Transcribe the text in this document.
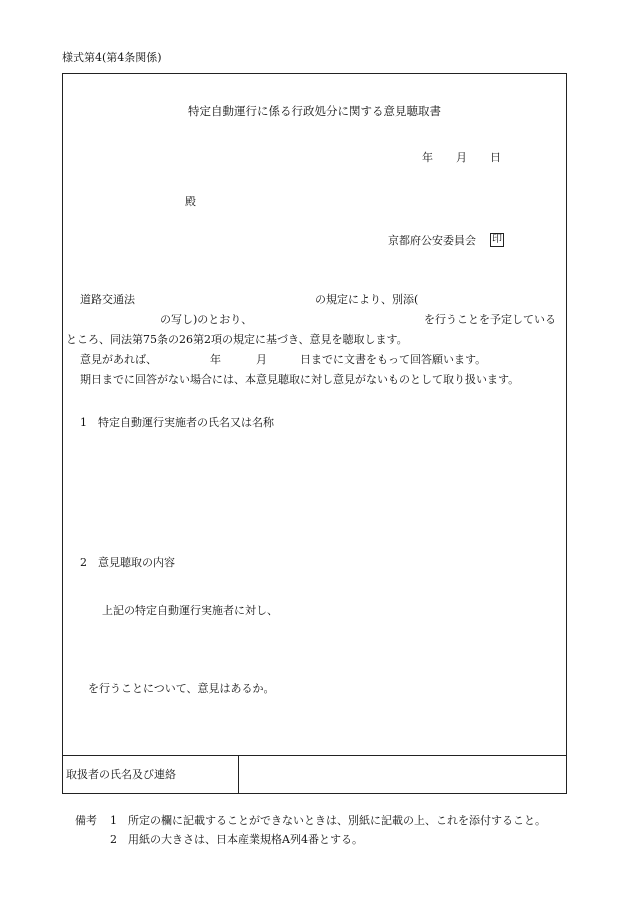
様式第4(第4条関係)
特定自動運行に係る行政処分に関する意見聴取書
年 月 日
殿
京都府公安委員会 印
道路交通法	の規定により、別添(
の写し)のとおり、	を行うことを予定している
ところ、同法第75条の26第2項の規定に基づき、意見を聴取します。
意見があれば、	年	月	日までに文書をもって回答願います。
期日までに回答がない場合には、本意見聴取に対し意見がないものとして取り扱います。
1　特定自動運行実施者の氏名又は名称
2　意見聴取の内容
上記の特定自動運行実施者に対し、
を行うことについて、意見はあるか。
取扱者の氏名及び連絡
備考 1　所定の欄に記載することができないときは、別紙に記載の上、これを添付すること。
2　用紙の大きさは、日本産業規格A列4番とする。
